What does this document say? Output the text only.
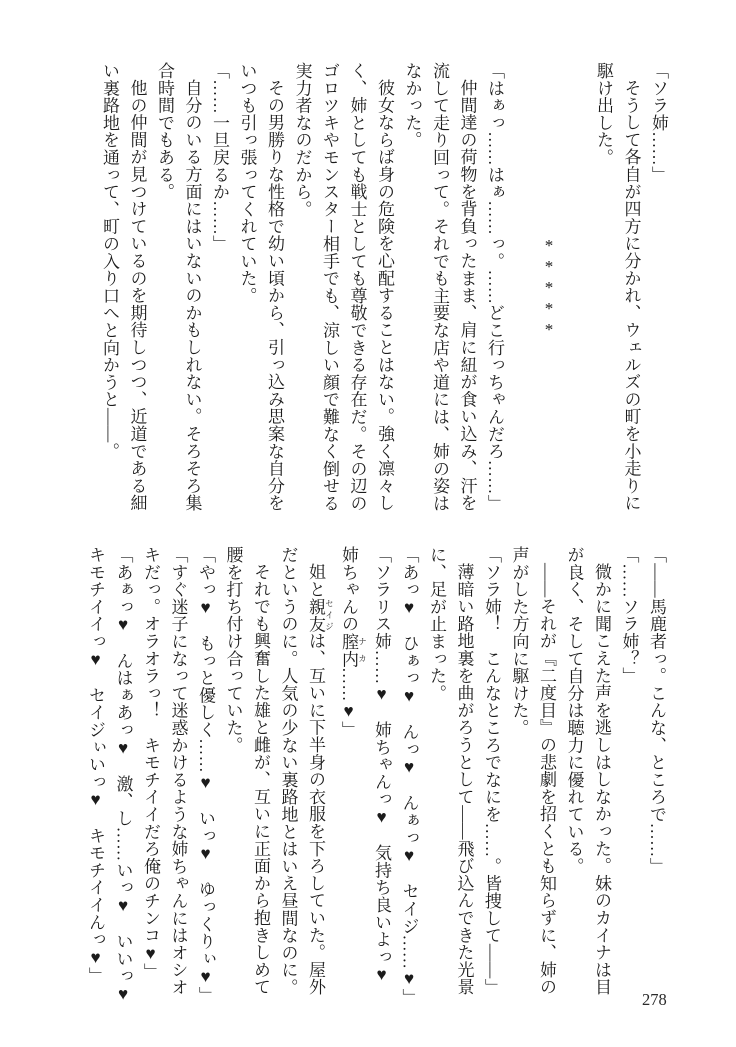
「ソラ姉……」

そうして各自が四方に分かれ、ウェルズの町を小走りに

駆け出した。

*****

「はぁっ……はぁ……っ。……どこ行っちゃんだろ……」

仲間達の荷物を背負ったまま、肩に紐が食い込み、汗を

流して走り回って。それでも主要な店や道には、姉の姿は

なかった。

彼女ならば身の危険を心配することはない。強く凛々し

く、姉としても戦士としても尊敬できる存在だ。その辺の

ゴロツキやモンスター相手でも、涼しい顔で難なく倒せる

実力者なのだから。

その男勝りな性格で幼い頃から、引っ込み思案な自分を

いつも引っ張ってくれていた。

「……一旦戻るか……」

自分のいる方面にはいないのかもしれない。そろそろ集

合時間でもある。

他の仲間が見つけているのを期待しつつ、近道である細

い裏路地を通って、町の入り口へと向かうと――。

「――馬鹿者っ。こんな、ところで……」

「……ソラ姉？」

微かに聞こえた声を逃しはしなかった。妹のカイナは目

が良く、そして自分は聴力に優れている。

――それが『二度目』の悲劇を招くとも知らずに、姉の

声がした方向に駆けた。

「ソラ姉！　こんなところでなにを……。皆捜して――」

薄暗い路地裏を曲がろうとして――飛び込んできた光景

に、足が止まった。

「あっ♥　ひぁっ♥　んっ♥　んぁっ♥　セイジ……♥」

「ソラリス姉……♥　姉ちゃんっ♥　気持ち良いよっ♥

姉ちゃんの膣内 ナカ……♥」

姐と親友 セイジは、互いに下半身の衣服を下ろしていた。屋外

だというのに。人気の少ない裏路地とはいえ昼間なのに。

それでも興奮した雄と雌が、互いに正面から抱きしめて

腰を打ち付け合っていた。

「やっ♥　もっと優しく……♥　いっ♥　ゆっくりぃ♥」

「すぐ迷子になって迷惑かけるような姉ちゃんにはオシオ

キだっ。オラオラっ！　キモチイイだろ俺のチンコ♥」

「あぁっ♥　んはぁあっ♥　激、し……いっ♥　いいっ♥

キモチイイっ♥　セイジぃいっ♥　キモチイイんっ♥」

278
